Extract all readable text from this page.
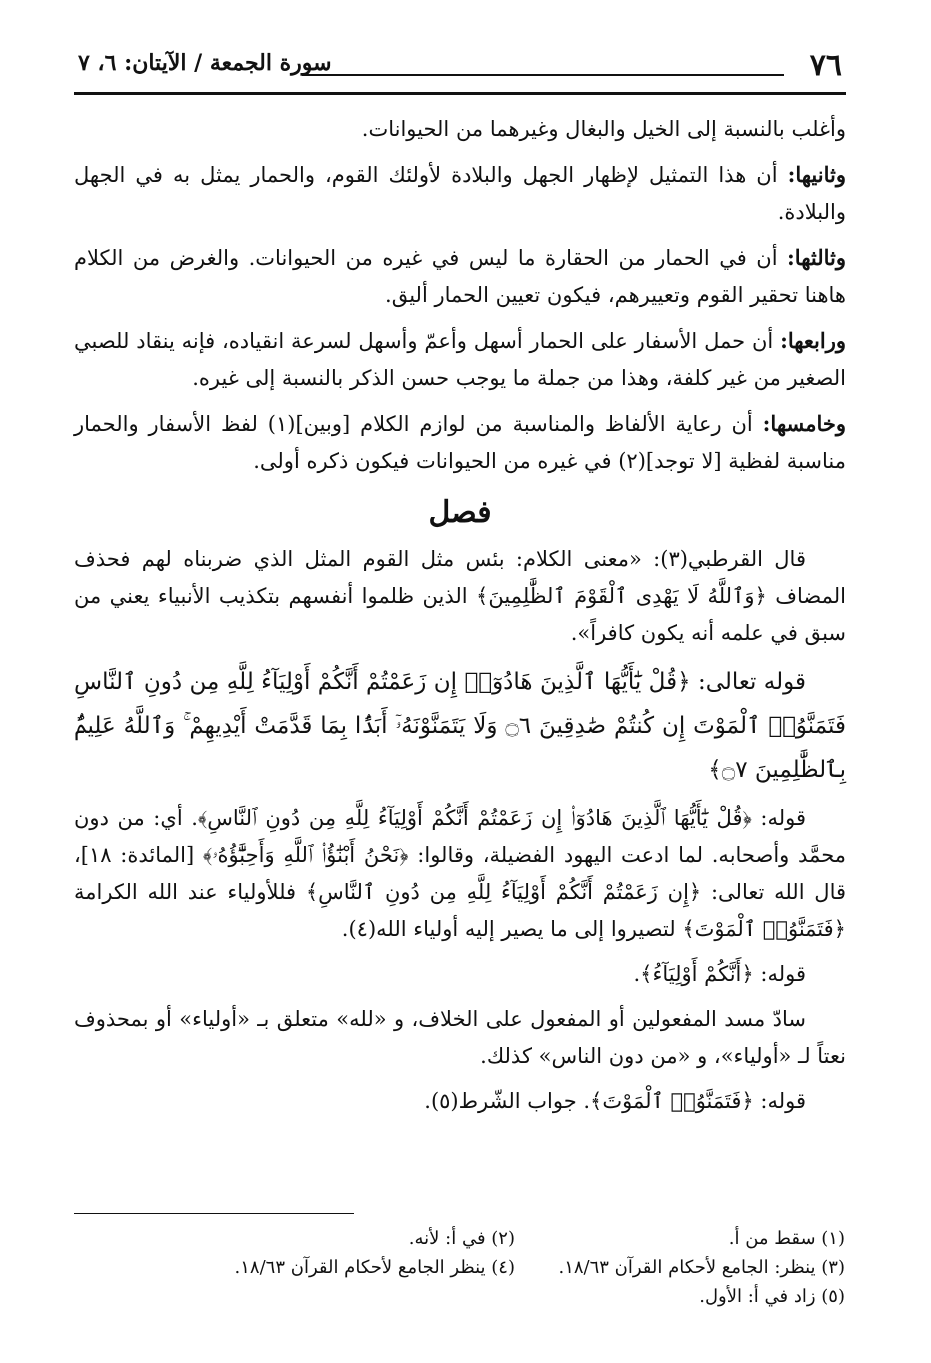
٧٦
سورة الجمعة / الآيتان: ٦، ٧

وأغلب بالنسبة إلى الخيل والبغال وغيرهما من الحيوانات.

وثانيها: أن هذا التمثيل لإظهار الجهل والبلادة لأولئك القوم، والحمار يمثل به في الجهل والبلادة.

وثالثها: أن في الحمار من الحقارة ما ليس في غيره من الحيوانات. والغرض من الكلام هاهنا تحقير القوم وتعييرهم، فيكون تعيين الحمار أليق.

ورابعها: أن حمل الأسفار على الحمار أسهل وأعمّ وأسهل لسرعة انقياده، فإنه ينقاد للصبي الصغير من غير كلفة، وهذا من جملة ما يوجب حسن الذكر بالنسبة إلى غيره.

وخامسها: أن رعاية الألفاظ والمناسبة من لوازم الكلام [وبين](١) لفظ الأسفار والحمار مناسبة لفظية [لا توجد](٢) في غيره من الحيوانات فيكون ذكره أولى.

فصل

قال القرطبي(٣): «معنى الكلام: بئس مثل القوم المثل الذي ضربناه لهم فحذف المضاف ﴿وَٱللَّهُ لَا يَهْدِى ٱلْقَوْمَ ٱلظَّٰلِمِينَ﴾ الذين ظلموا أنفسهم بتكذيب الأنبياء يعني من سبق في علمه أنه يكون كافراً».

قوله تعالى: ﴿قُلْ يَٰٓأَيُّهَا ٱلَّذِينَ هَادُوٓا۟ إِن زَعَمْتُمْ أَنَّكُمْ أَوْلِيَآءُ لِلَّهِ مِن دُونِ ٱلنَّاسِ فَتَمَنَّوُا۟ ٱلْمَوْتَ إِن كُنتُمْ صَٰدِقِينَ ۝٦ وَلَا يَتَمَنَّوْنَهُۥٓ أَبَدًۢا بِمَا قَدَّمَتْ أَيْدِيهِمْ ۚ وَٱللَّهُ عَلِيمٌۢ بِٱلظَّٰلِمِينَ ۝٧﴾

قوله: ﴿قُلْ يَٰٓأَيُّهَا ٱلَّذِينَ هَادُوٓا۟ إِن زَعَمْتُمْ أَنَّكُمْ أَوْلِيَآءُ لِلَّهِ مِن دُونِ ٱلنَّاسِ﴾. أي: من دون محمَّد وأصحابه. لما ادعت اليهود الفضيلة، وقالوا: ﴿نَحْنُ أَبْنَٰٓؤُا۟ ٱللَّهِ وَأَحِبَّٰٓؤُهُۥ﴾ [المائدة: ١٨]، قال الله تعالى: ﴿إِن زَعَمْتُمْ أَنَّكُمْ أَوْلِيَآءُ لِلَّهِ مِن دُونِ ٱلنَّاسِ﴾ فللأولياء عند الله الكرامة ﴿فَتَمَنَّوُا۟ ٱلْمَوْتَ﴾ لتصيروا إلى ما يصير إليه أولياء الله(٤).

قوله: ﴿أَنَّكُمْ أَوْلِيَآءُ﴾.

سادّ مسد المفعولين أو المفعول على الخلاف، و «لله» متعلق بـ «أولياء» أو بمحذوف نعتاً لـ «أولياء»، و «من دون الناس» كذلك.

قوله: ﴿فَتَمَنَّوُا۟ ٱلْمَوْتَ﴾. جواب الشّرط(٥).

(١) سقط من أ.
(٢) في أ: لأنه.
(٣) ينظر: الجامع لأحكام القرآن ١٨/٦٣.
(٤) ينظر الجامع لأحكام القرآن ١٨/٦٣.
(٥) زاد في أ: الأول.
